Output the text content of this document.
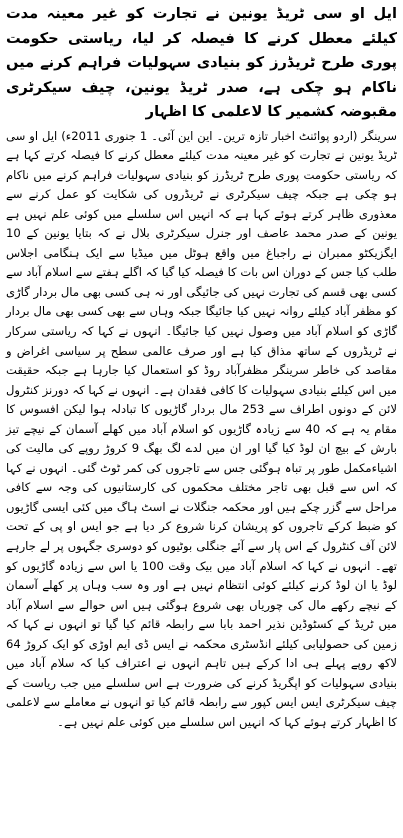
ایل او سی ٹریڈ یونین نے تجارت کو غیر معینہ مدت کیلئے معطل کرنے کا فیصلہ کر لیا، ریاستی حکومت پوری طرح ٹریڈرز کو بنیادی سہولیات فراہم کرنے میں ناکام ہو چکی ہے، صدر ٹریڈ یونین، چیف سیکرٹری مقبوضہ کشمیر کا لاعلمی کا اظہار

سرینگر (اردو پوائنٹ اخبار تازہ ترین۔ این این آئی۔ 1 جنوری 2011ء) ایل او سی ٹریڈ یونین نے تجارت کو غیر معینہ مدت کیلئے معطل کرنے کا فیصلہ کرتے کہا ہے کہ ریاستی حکومت پوری طرح ٹریڈرز کو بنیادی سہولیات فراہم کرنے میں ناکام ہو چکی ہے جبکہ چیف سیکرٹری نے ٹریڈروں کی شکایت کو عمل کرنے سے معذوری ظاہر کرتے ہوئے کہا ہے کہ انہیں اس سلسلے میں کوئی علم نہیں ہے یونین کے صدر محمد عاصف اور جنرل سیکرٹری بلال نے کہ بتایا یونین کے 10 ایگزیکٹو ممبران نے راجباغ میں واقع ہوٹل میں میڈیا سے ایک ہنگامی اجلاس طلب کیا جس کے دوران اس بات کا فیصلہ کیا گیا کہ اگلے ہفتے سے اسلام آباد سے کسی بھی قسم کی تجارت نہیں کی جائیگی اور نہ ہی کسی بھی مال بردار گاڑی کو مظفر آباد کیلئے روانہ نہیں کیا جائیگا جبکہ وہاں سے بھی کسی بھی مال بردار گاڑی کو اسلام آباد میں وصول نہیں کیا جائیگا۔ انہوں نے کہا کہ ریاستی سرکار نے ٹریڈروں کے ساتھ مذاق کیا ہے اور صرف عالمی سطح پر سیاسی اغراض و مقاصد کی خاطر سرینگر مظفرآباد روڈ کو استعمال کیا جارہا ہے جبکہ حقیقت میں اس کیلئے بنیادی سہولیات کا کافی فقدان ہے۔ انہوں نے کہا کہ دورنز کنٹرول لائن کے دونوں اطراف سے 253 مال بردار گاڑیوں کا تبادلہ ہوا لیکن افسوس کا مقام یہ ہے کہ 40 سے زیادہ گاڑیوں کو اسلام آباد میں کھلے آسمان کے نیچے تیز بارش کے بیچ ان لوڈ کیا گیا اور ان میں لدے لگ بھگ 9 کروڑ روپے کی مالیت کی اشیاءمکمل طور پر تباہ ہوگئی جس سے تاجروں کی کمر ٹوٹ گئی۔ انہوں نے کہا کہ اس سے قبل بھی تاجر مختلف محکموں کی کارستانیوں کی وجہ سے کافی مراحل سے گزر چکے ہیں اور محکمہ جنگلات نے اسٹ ہاگ میں کئی ایسی گاڑیوں کو ضبط کرکے تاجروں کو پریشان کرنا شروع کر دیا ہے جو ایس او پی کے تحت لائن آف کنٹرول کے اس پار سے آئے جنگلی بوٹیوں کو دوسری جگہوں پر لے جارہے تھے۔ انہوں نے کہا کہ اسلام آباد میں بیک وقت 100 یا اس سے زیادہ گاڑیوں کو لوڈ یا ان لوڈ کرنے کیلئے کوئی انتظام نہیں ہے اور وہ سب وہاں پر کھلے آسمان کے نیچے رکھے مال کی چوریاں بھی شروع ہوگئی ہیں اس حوالے سے اسلام آباد میں ٹریڈ کے کسٹوڈین نذیر احمد بابا سے رابطہ قائم کیا گیا تو انہوں نے کہا کہ زمین کی حصولیابی کیلئے انڈسٹری محکمہ نے ایس ڈی ایم اوڑی کو ایک کروڑ 64 لاکھ روپے پہلے ہی ادا کرکے ہیں تاہم انہوں نے اعتراف کیا کہ سلام آباد میں بنیادی سہولیات کو اپگریڈ کرنے کی ضرورت ہے اس سلسلے میں جب ریاست کے چیف سیکرٹری ایس ایس کپور سے رابطہ قائم کیا تو انہوں نے معاملے سے لاعلمی کا اظہار کرتے ہوئے کہا کہ انہیں اس سلسلے میں کوئی علم نہیں ہے۔
